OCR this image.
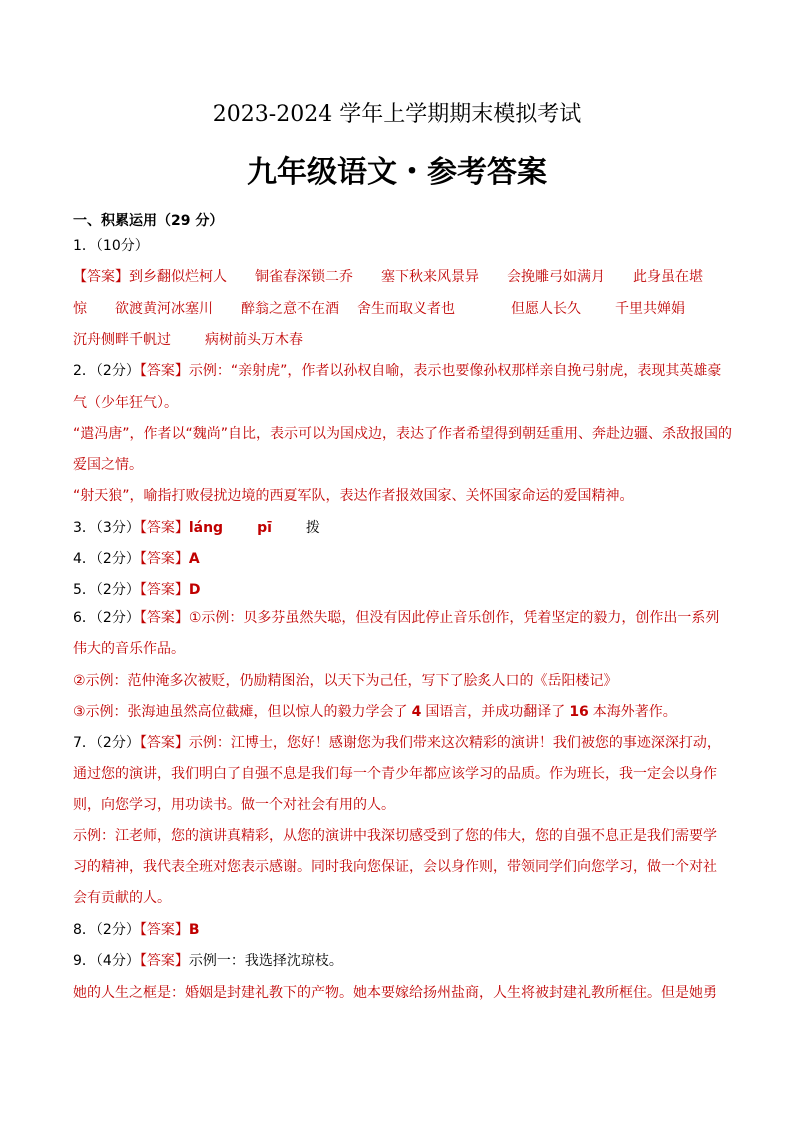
2023-2024 学年上学期期末模拟考试
九年级语文・参考答案
一、积累运用（29 分）
1．（10分）
【答案】到乡翻似烂柯人 铜雀春深锁二乔 塞下秋来风景异 会挽雕弓如满月 此身虽在堪
惊 欲渡黄河冰塞川 醉翁之意不在酒 舍生而取义者也	但愿人长久 千里共婵娟
沉舟侧畔千帆过 病树前头万木春
2．（2分）【答案】示例：“亲射虎”，作者以孙权自喻，表示也要像孙权那样亲自挽弓射虎，表现其英雄豪
气（少年狂气）。
“遣冯唐”，作者以“魏尚”自比，表示可以为国戍边，表达了作者希望得到朝廷重用、奔赴边疆、杀敌报国的
爱国之情。
“射天狼”，喻指打败侵扰边境的西夏军队，表达作者报效国家、关怀国家命运的爱国精神。
3．（3分）【答案】láng pī 拨
4．（2分）【答案】A
5．（2分）【答案】D
6．（2分）【答案】①示例：贝多芬虽然失聪，但没有因此停止音乐创作，凭着坚定的毅力，创作出一系列
伟大的音乐作品。
②示例：范仲淹多次被贬，仍励精图治，以天下为己任，写下了脍炙人口的《岳阳楼记》
③示例：张海迪虽然高位截瘫，但以惊人的毅力学会了 4 国语言，并成功翻译了 16 本海外著作。
7．（2分）【答案】示例：江博士，您好！感谢您为我们带来这次精彩的演讲！我们被您的事迹深深打动，
通过您的演讲，我们明白了自强不息是我们每一个青少年都应该学习的品质。作为班长，我一定会以身作
则，向您学习，用功读书。做一个对社会有用的人。
示例：江老师，您的演讲真精彩，从您的演讲中我深切感受到了您的伟大，您的自强不息正是我们需要学
习的精神，我代表全班对您表示感谢。同时我向您保证，会以身作则，带领同学们向您学习，做一个对社
会有贡献的人。
8．（2分）【答案】B
9．（4分）【答案】示例一：我选择沈琼枝。
她的人生之框是：婚姻是封建礼教下的产物。她本要嫁给扬州盐商，人生将被封建礼教所框住。但是她勇
